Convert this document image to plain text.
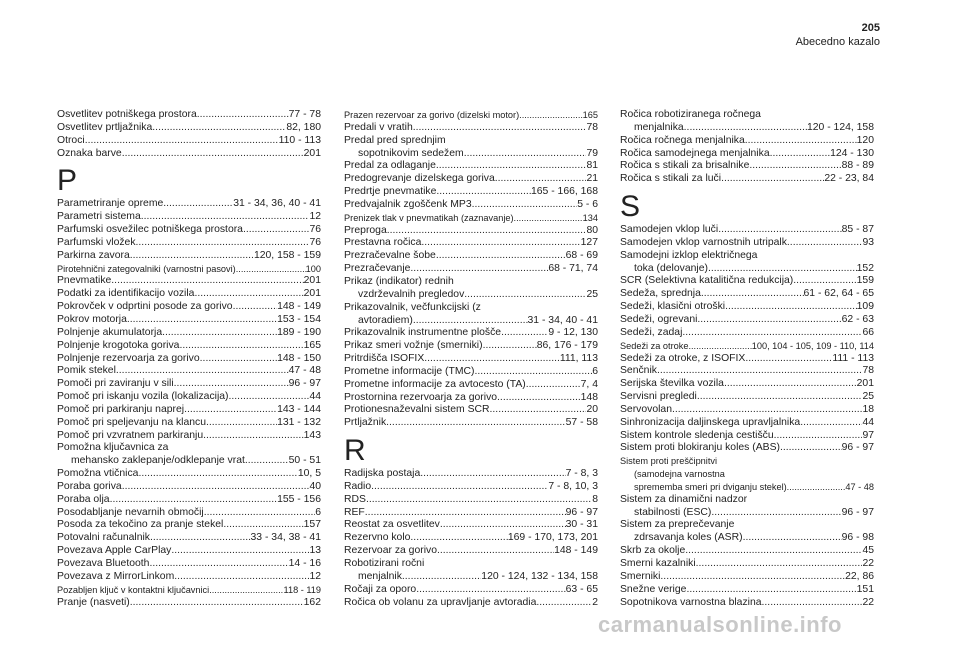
205
Abecedno kazalo
Osvetlitev potniškega prostora .....	77 - 78
Osvetlitev prtljažnika .....	82, 180
Otroci .....	110 - 113
Oznaka barve .....	201
P
Parametriranje opreme .....	31 - 34, 36, 40 - 41
Parametri sistema .....	12
Parfumski osvežilec potniškega prostora .....	76
Parfumski vložek .....	76
Parkirna zavora .....	120, 158 - 159
Pirotehnični zategovalniki (varnostni pasovi) .....	100
Pnevmatike .....	201
Podatki za identifikacijo vozila .....	201
Pokrovček v odprtini posode za gorivo .....	148 - 149
Pokrov motorja .....	153 - 154
Polnjenje akumulatorja .....	189 - 190
Polnjenje krogotoka goriva .....	165
Polnjenje rezervoarja za gorivo .....	148 - 150
Pomik stekel .....	47 - 48
Pomoči pri zaviranju v sili .....	96 - 97
Pomoč pri iskanju vozila (lokalizacija) .....	44
Pomoč pri parkiranju naprej .....	143 - 144
Pomoč pri speljevanju na klancu .....	131 - 132
Pomoč pri vzvratnem parkiranju .....	143
Pomožna ključavnica za
mehansko zaklepanje/odklepanje vrat .....	50 - 51
Pomožna vtičnica .....	10, 5
Poraba goriva .....	40
Poraba olja .....	155 - 156
Posodabljanje nevarnih območij .....	6
Posoda za tekočino za pranje stekel .....	157
Potovalni računalnik .....	33 - 34, 38 - 41
Povezava Apple CarPlay .....	13
Povezava Bluetooth .....	14 - 16
Povezava z MirrorLinkom .....	12
Pozabljen ključ v kontaktni ključavnici .....	118 - 119
Pranje (nasveti) .....	162
Prazen rezervoar za gorivo (dizelski motor) .....	165
Predali v vratih .....	78
Predal pred sprednjim
sopotnikovim sedežem .....	79
Predal za odlaganje .....	81
Predogrevanje dizelskega goriva .....	21
Predrtje pnevmatike .....	165 - 166, 168
Predvajalnik zgoščenk MP3 .....	5 - 6
Prenizek tlak v pnevmatikah (zaznavanje) .....	134
Preproga .....	80
Prestavna ročica .....	127
Prezračevalne šobe .....	68 - 69
Prezračevanje .....	68 - 71, 74
Prikaz (indikator) rednih
vzdrževalnih pregledov .....	25
Prikazovalnik, večfunkcijski (z
avtoradiem) .....	31 - 34, 40 - 41
Prikazovalnik instrumentne plošče .....	9 - 12, 130
Prikaz smeri vožnje (smerniki) .....	86, 176 - 179
Pritrdišča ISOFIX .....	111, 113
Prometne informacije (TMC) .....	6
Prometne informacije za avtocesto (TA) .....	7, 4
Prostornina rezervoarja za gorivo .....	148
Protionesnaževalni sistem SCR .....	20
Prtljažnik .....	57 - 58
R
Radijska postaja .....	7 - 8, 3
Radio .....	7 - 8, 10, 3
RDS .....	8
REF .....	96 - 97
Reostat za osvetlitev .....	30 - 31
Rezervno kolo .....	169 - 170, 173, 201
Rezervoar za gorivo .....	148 - 149
Robotizirani ročni
menjalnik .....	120 - 124, 132 - 134, 158
Ročaji za oporo .....	63 - 65
Ročica ob volanu za upravljanje avtoradia .....	2
Ročica robotiziranega ročnega
menjalnika .....	120 - 124, 158
Ročica ročnega menjalnika .....	120
Ročica samodejnega menjalnika .....	124 - 130
Ročica s stikali za brisalnike .....	88 - 89
Ročica s stikali za luči .....	22 - 23, 84
S
Samodejen vklop luči .....	85 - 87
Samodejen vklop varnostnih utripalk .....	93
Samodejni izklop električnega
toka (delovanje) .....	152
SCR (Selektivna katalitična redukcija) .....	159
Sedeža, sprednja .....	61 - 62, 64 - 65
Sedeži, klasični otroški .....	109
Sedeži, ogrevani .....	62 - 63
Sedeži, zadaj .....	66
Sedeži za otroke .....	100, 104 - 105, 109 - 110, 114
Sedeži za otroke, z ISOFIX .....	111 - 113
Senčnik .....	78
Serijska številka vozila .....	201
Servisni pregledi .....	25
Servovolan .....	18
Sinhronizacija daljinskega upravljalnika .....	44
Sistem kontrole sledenja cestišču .....	97
Sistem proti blokiranju koles (ABS) .....	96 - 97
Sistem proti preščipnitvi
(samodejna varnostna
sprememba smeri pri dviganju stekel) .....	47 - 48
Sistem za dinamični nadzor
stabilnosti (ESC) .....	96 - 97
Sistem za preprečevanje
zdrsavanja koles (ASR) .....	96 - 98
Skrb za okolje .....	45
Smerni kazalniki .....	22
Smerniki .....	22, 86
Snežne verige .....	151
Sopotnikova varnostna blazina .....	22
carmanualsonline.info
